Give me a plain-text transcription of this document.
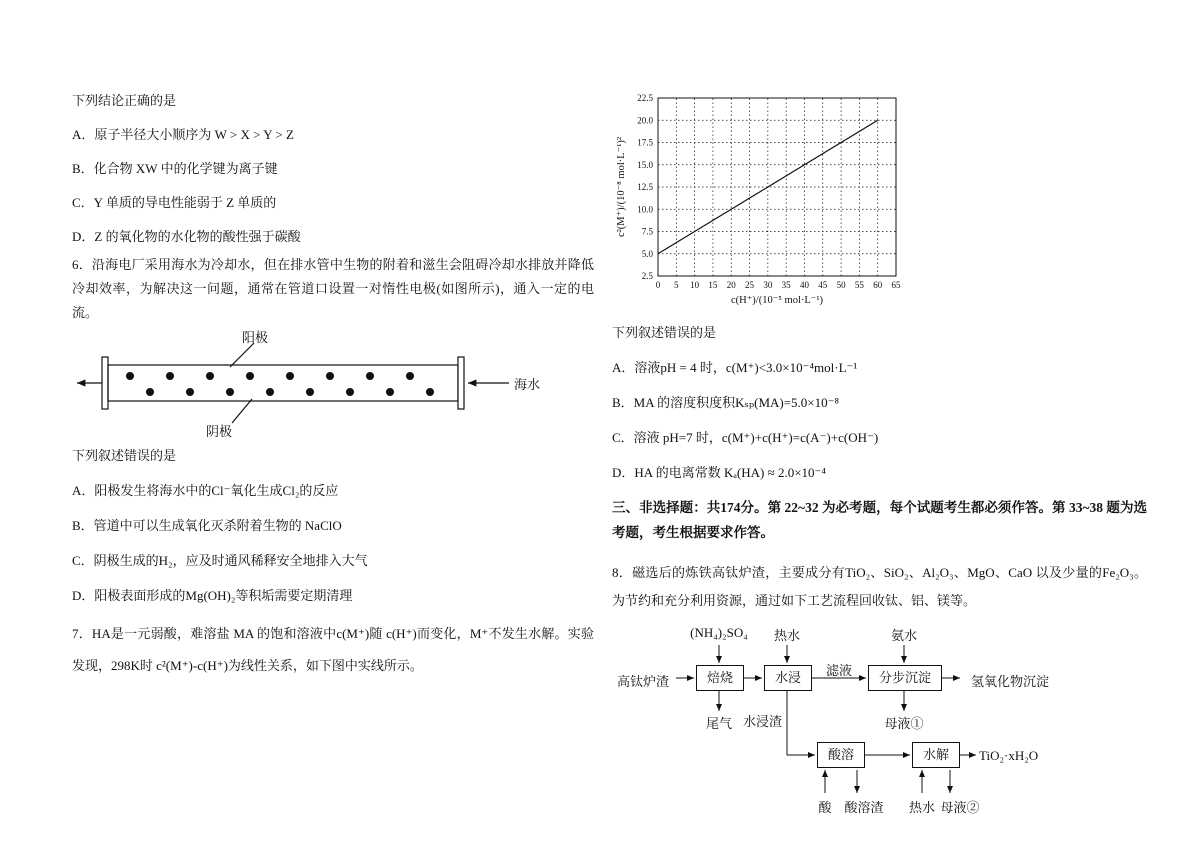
下列结论正确的是
A．原子半径大小顺序为 W > X > Y > Z
B．化合物 XW 中的化学键为离子键
C．Y 单质的导电性能弱于 Z 单质的
D．Z 的氧化物的水化物的酸性强于碳酸

6．沿海电厂采用海水为冷却水，但在排水管中生物的附着和滋生会阻碍冷却水排放并降低冷却效率，为解决这一问题，通常在管道口设置一对惰性电极(如图所示)，通入一定的电流。

阳极
阴极
海水
下列叙述错误的是
A．阳极发生将海水中的Cl⁻氧化生成Cl₂的反应
B．管道中可以生成氧化灭杀附着生物的 NaClO
C．阴极生成的H₂，应及时通风稀释安全地排入大气
D．阳极表面形成的Mg(OH)₂等积垢需要定期清理

7．HA是一元弱酸，难溶盐 MA 的饱和溶液中c(M⁺)随 c(H⁺)而变化，M⁺不发生水解。实验发现，298K时 c²(M⁺)-c(H⁺)为线性关系，如下图中实线所示。

0 5 10 15 20 25 30 35 40 45 50 55 60 65
2.5
5.0
7.5
10.0
12.5
15.0
17.5
20.0
22.5
c²(M⁺)/(10⁻⁸ mol·L⁻¹)²
c(H⁺)/(10⁻⁵ mol·L⁻¹)
下列叙述错误的是
A．溶液pH = 4 时，c(M⁺)<3.0×10⁻⁴mol·L⁻¹
B．MA 的溶度积度积Kₛₚ(MA)=5.0×10⁻⁸
C．溶液 pH=7 时，c(M⁺)+c(H⁺)=c(A⁻)+c(OH⁻)
D．HA 的电离常数 Kₐ(HA) ≈ 2.0×10⁻⁴

三、非选择题：共174分。第 22~32 为必考题，每个试题考生都必须作答。第 33~38 题为选考题，考生根据要求作答。

8．磁选后的炼铁高钛炉渣，主要成分有TiO₂、SiO₂、Al₂O₃、MgO、CaO 以及少量的Fe₂O₃。为节约和充分利用资源，通过如下工艺流程回收钛、铝、镁等。

焙烧	水浸	分步沉淀
酸溶	水解
(NH₄)₂SO₄	热水	氨水
高钛炉渣
滤液
氢氧化物沉淀
尾气 水浸渣	母液①
TiO₂·xH₂O
酸 酸溶渣	热水 母液②
